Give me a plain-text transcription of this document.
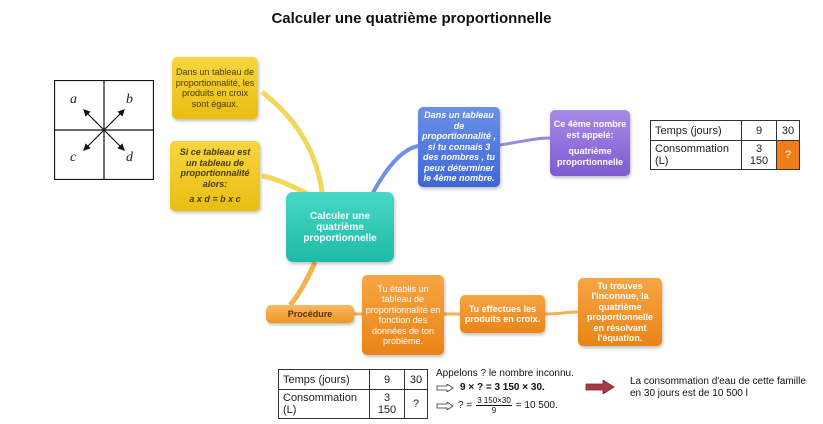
Calculer une quatrième proportionnelle
a	b
c	d
Dans un tableau de proportionnalité, les produits en croix sont égaux.
Si ce tableau est un tableau de proportionnalité alors:
a x d = b x c
Calculer une quatrième proportionnelle
Dans un tableau de proportionnalité , si tu connais 3 des nombres , tu peux déterminer le 4ème nombre.
Ce 4ème nombre est appelé:
quatrième proportionnelle
Temps (jours)	9	30
Consommation (L)	3 150	?
Procédure
Tu établis un tableau de proportionnalité en fonction des données de ton problème.
Tu effectues les produits en croix.
Tu trouves l'inconnue, la quatrième proportionnelle en résolvant l'équation.
Temps (jours)	9	30
Consommation (L)	3 150	?
Appelons ? le nombre inconnu.
9 × ? = 3 150 × 30.
? = $\frac{3 150\times 30}{9} = 10$ 500.
La consommation d'eau de cette famille
en 30 jours est de 10 500 l
